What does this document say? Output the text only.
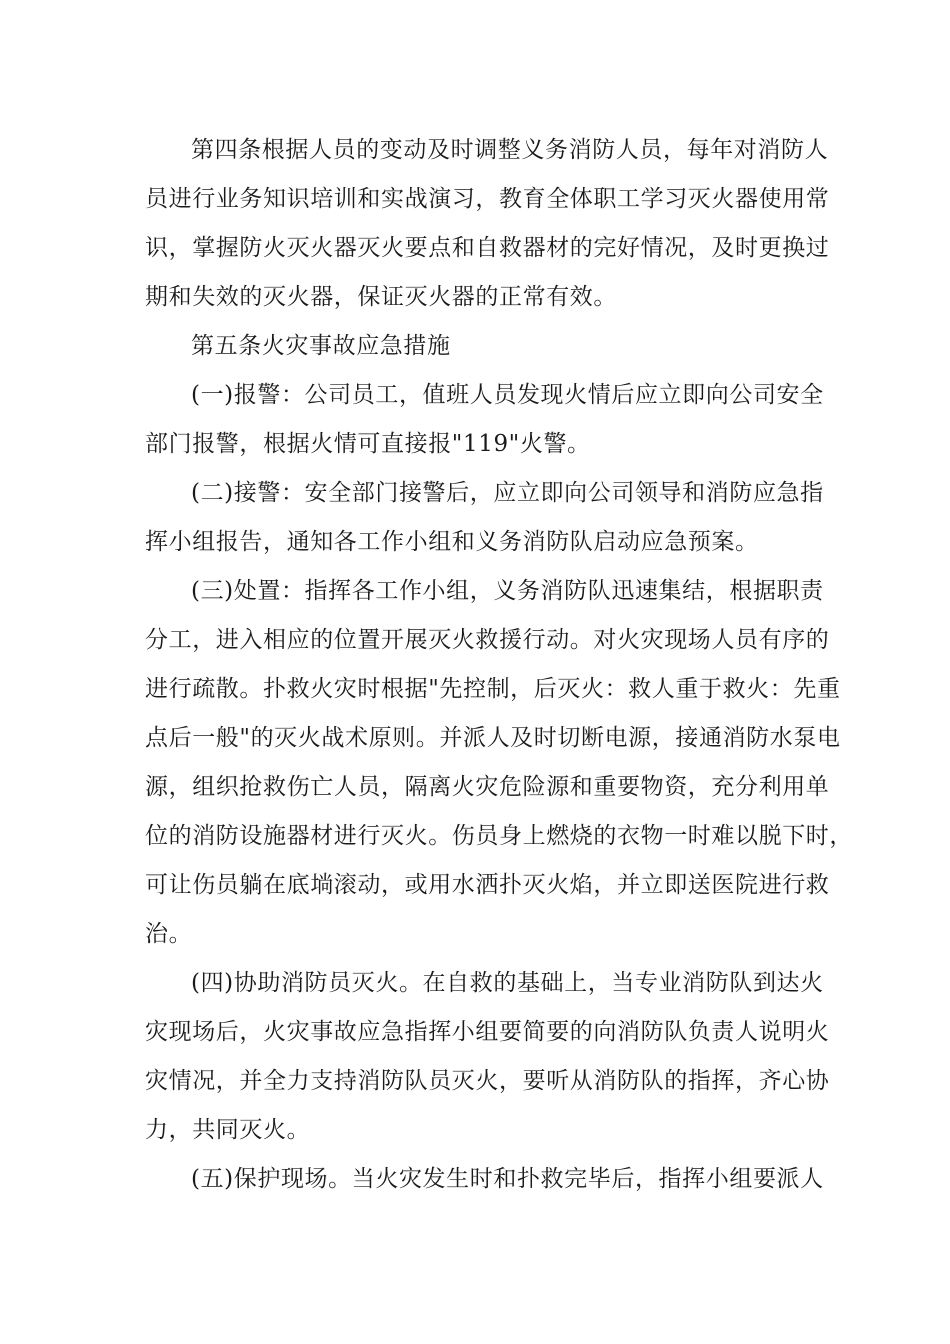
第四条根据人员的变动及时调整义务消防人员，每年对消防人
员进行业务知识培训和实战演习，教育全体职工学习灭火器使用常
识，掌握防火灭火器灭火要点和自救器材的完好情况，及时更换过
期和失效的灭火器，保证灭火器的正常有效。
第五条火灾事故应急措施
(一)报警：公司员工，值班人员发现火情后应立即向公司安全
部门报警，根据火情可直接报"119"火警。
(二)接警：安全部门接警后，应立即向公司领导和消防应急指
挥小组报告，通知各工作小组和义务消防队启动应急预案。
(三)处置：指挥各工作小组，义务消防队迅速集结，根据职责
分工，进入相应的位置开展灭火救援行动。对火灾现场人员有序的
进行疏散。扑救火灾时根据"先控制，后灭火：救人重于救火：先重
点后一般"的灭火战术原则。并派人及时切断电源，接通消防水泵电
源，组织抢救伤亡人员，隔离火灾危险源和重要物资，充分利用单
位的消防设施器材进行灭火。伤员身上燃烧的衣物一时难以脱下时，
可让伤员躺在底埫滚动，或用水洒扑灭火焰，并立即送医院进行救
治。
(四)协助消防员灭火。在自救的基础上，当专业消防队到达火
灾现场后，火灾事故应急指挥小组要简要的向消防队负责人说明火
灾情况，并全力支持消防队员灭火，要听从消防队的指挥，齐心协
力，共同灭火。
(五)保护现场。当火灾发生时和扑救完毕后，指挥小组要派人
